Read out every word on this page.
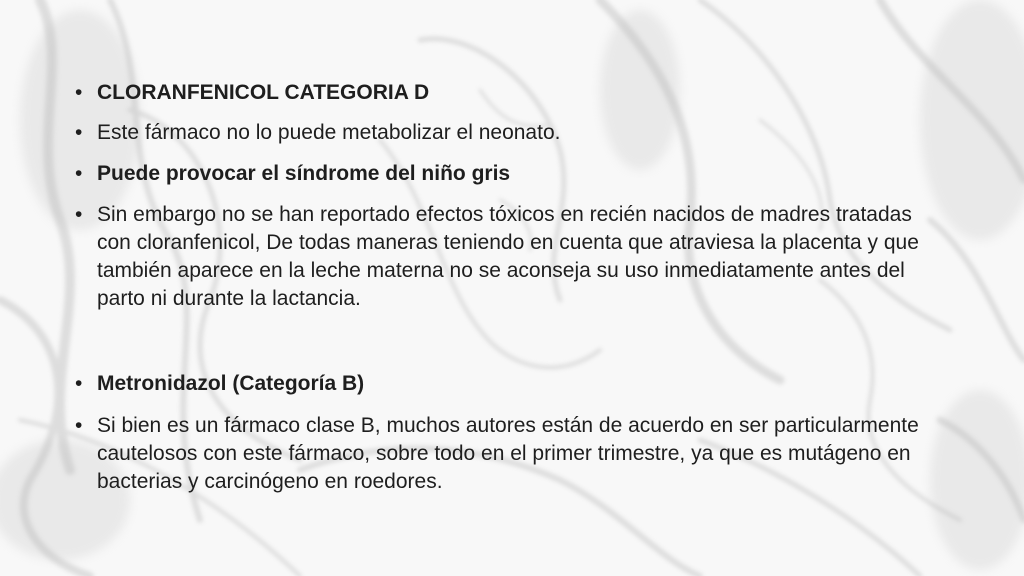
• CLORANFENICOL CATEGORIA D

• Este fármaco no lo puede metabolizar el neonato.

• Puede provocar el síndrome del niño gris

• Sin embargo no se han reportado efectos tóxicos en recién nacidos de madres tratadas con cloranfenicol, De todas maneras teniendo en cuenta que atraviesa la placenta y que también aparece en la leche materna no se aconseja su uso inmediatamente antes del parto ni durante la lactancia.

• Metronidazol (Categoría B)

• Si bien es un fármaco clase B, muchos autores están de acuerdo en ser particularmente cautelosos con este fármaco, sobre todo en el primer trimestre, ya que es mutágeno en bacterias y carcinógeno en roedores.
